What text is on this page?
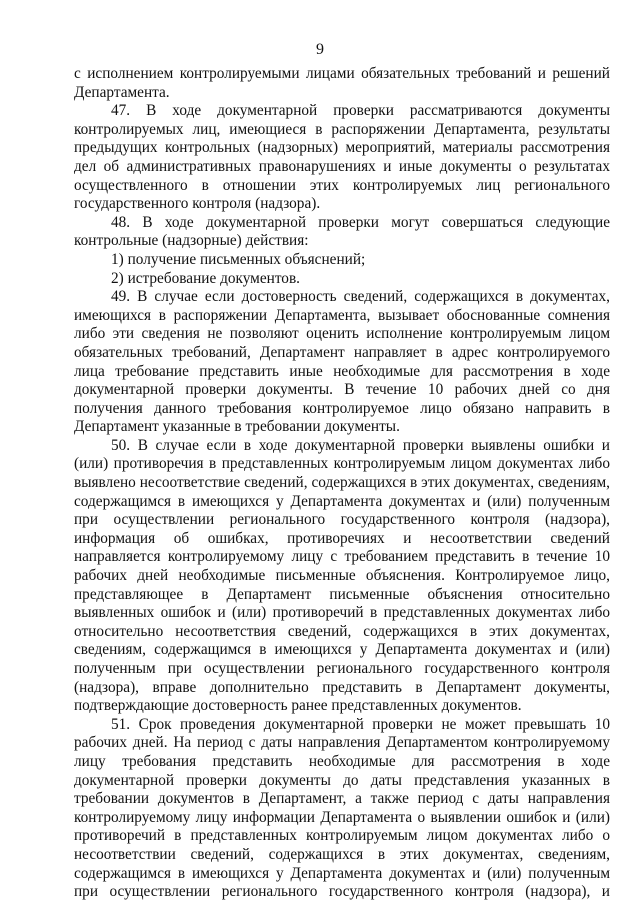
9

с исполнением контролируемыми лицами обязательных требований и решений Департамента.

47. В ходе документарной проверки рассматриваются документы контролируемых лиц, имеющиеся в распоряжении Департамента, результаты предыдущих контрольных (надзорных) мероприятий, материалы рассмотрения дел об административных правонарушениях и иные документы о результатах осуществленного в отношении этих контролируемых лиц регионального государственного контроля (надзора).

48. В ходе документарной проверки могут совершаться следующие контрольные (надзорные) действия:

1) получение письменных объяснений;

2) истребование документов.

49. В случае если достоверность сведений, содержащихся в документах, имеющихся в распоряжении Департамента, вызывает обоснованные сомнения либо эти сведения не позволяют оценить исполнение контролируемым лицом обязательных требований, Департамент направляет в адрес контролируемого лица требование представить иные необходимые для рассмотрения в ходе документарной проверки документы. В течение 10 рабочих дней со дня получения данного требования контролируемое лицо обязано направить в Департамент указанные в требовании документы.

50. В случае если в ходе документарной проверки выявлены ошибки и (или) противоречия в представленных контролируемым лицом документах либо выявлено несоответствие сведений, содержащихся в этих документах, сведениям, содержащимся в имеющихся у Департамента документах и (или) полученным при осуществлении регионального государственного контроля (надзора), информация об ошибках, противоречиях и несоответствии сведений направляется контролируемому лицу с требованием представить в течение 10 рабочих дней необходимые письменные объяснения. Контролируемое лицо, представляющее в Департамент письменные объяснения относительно выявленных ошибок и (или) противоречий в представленных документах либо относительно несоответствия сведений, содержащихся в этих документах, сведениям, содержащимся в имеющихся у Департамента документах и (или) полученным при осуществлении регионального государственного контроля (надзора), вправе дополнительно представить в Департамент документы, подтверждающие достоверность ранее представленных документов.

51. Срок проведения документарной проверки не может превышать 10 рабочих дней. На период с даты направления Департаментом контролируемому лицу требования представить необходимые для рассмотрения в ходе документарной проверки документы до даты представления указанных в требовании документов в Департамент, а также период с даты направления контролируемому лицу информации Департамента о выявлении ошибок и (или) противоречий в представленных контролируемым лицом документах либо о несоответствии сведений, содержащихся в этих документах, сведениям, содержащимся в имеющихся у Департамента документах и (или) полученным при осуществлении регионального государственного контроля (надзора), и
